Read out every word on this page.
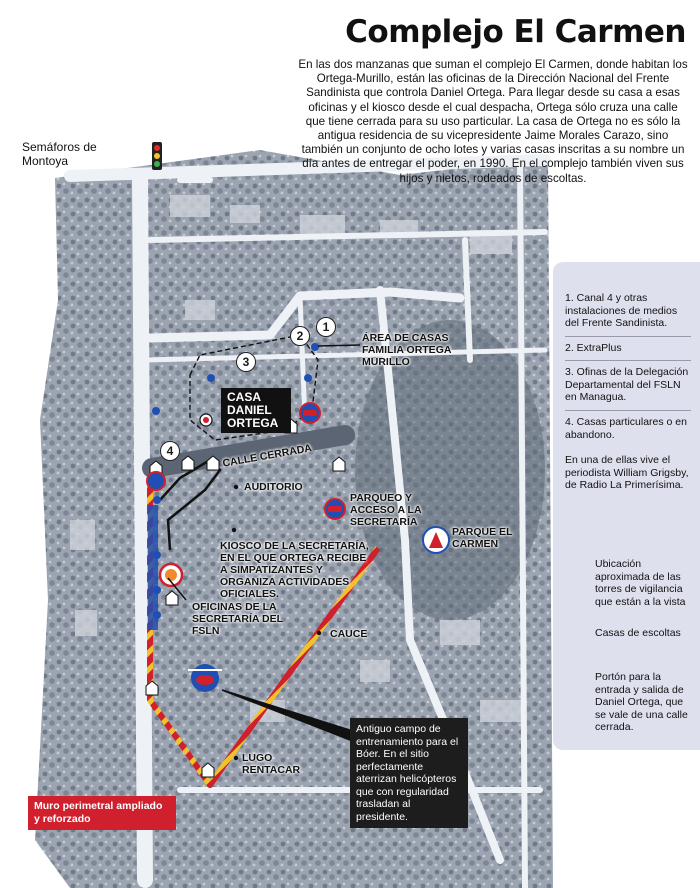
Complejo El Carmen
En las dos manzanas que suman el complejo El Carmen, donde habitan los Ortega-Murillo, están las oficinas de la Dirección Nacional del Frente Sandinista que controla Daniel Ortega. Para llegar desde su casa a esas oficinas y el kiosco desde el cual despacha, Ortega sólo cruza una calle que tiene cerrada para su uso particular. La casa de Ortega no es sólo la antigua residencia de su vicepresidente Jaime Morales Carazo, sino también un conjunto de ocho lotes y varias casas inscritas a su nombre un día antes de entregar el poder, en 1990. En el complejo también viven sus hijos y nietos, rodeados de escoltas.
Semáforos de Montoya
1
2
3
4
ÁREA DE CASAS FAMILIA ORTEGA MURILLO
CASA DANIEL ORTEGA
CALLE CERRADA
AUDITORIO
PARQUEO Y ACCESO A LA SECRETARÍA
PARQUE EL CARMEN
KIOSCO DE LA SECRETARÍA, EN EL QUE ORTEGA RECIBE A SIMPATIZANTES Y ORGANIZA ACTIVIDADES OFICIALES.
OFICINAS DE LA SECRETARÍA DEL FSLN	CAUCE
LUGO RENTACAR
Antiguo campo de entrenamiento para el Bóer. En el sitio perfectamente aterrizan helicópteros que con regularidad trasladan al presidente.
Muro perimetral ampliado y reforzado
1. Canal 4 y otras instalaciones de medios del Frente Sandinista.
2. ExtraPlus
3. Ofinas de la Delegación Departamental del FSLN en Managua.
4. Casas particulares o en abandono.
En una de ellas vive el periodista William Grigsby, de Radio La Primerísima.
Ubicación aproximada de las torres de vigilancia que están a la vista
Casas de escoltas
Portón para la entrada y salida de Daniel Ortega, que se vale de una calle cerrada.
